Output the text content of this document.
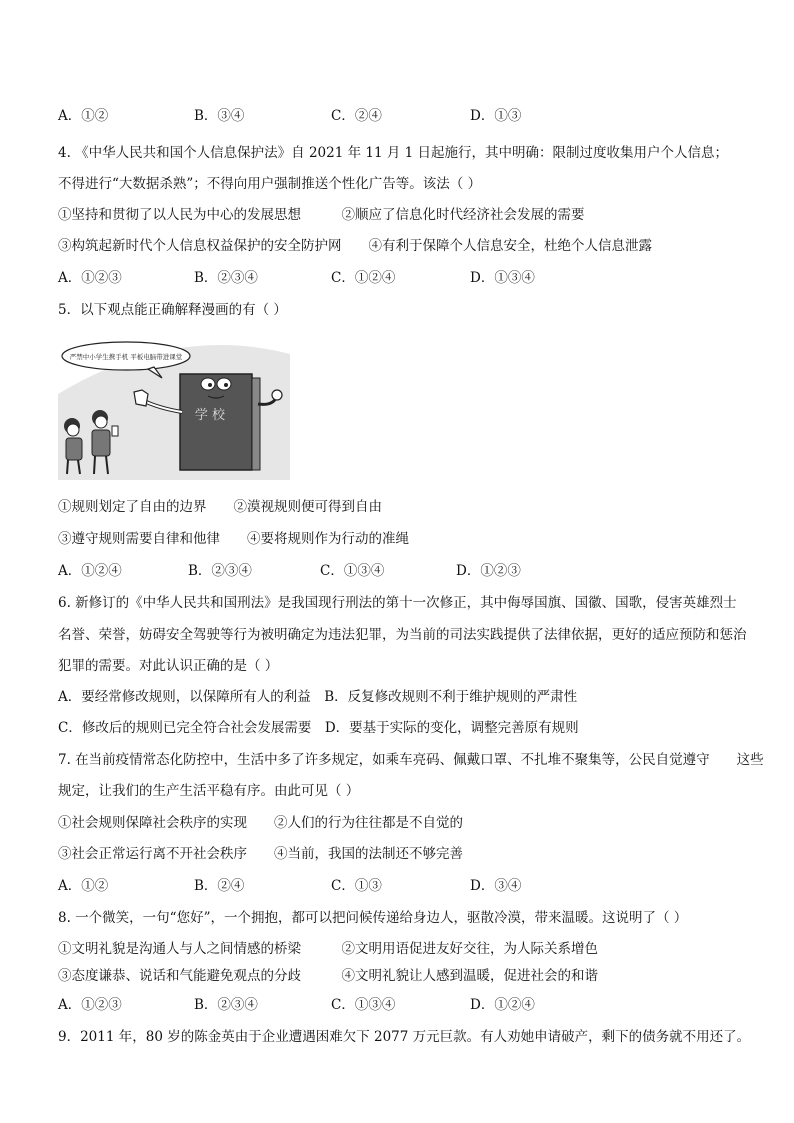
A．①②	B．③④	C．②④	D．①③
4. 《中华人民共和国个人信息保护法》自 2021 年 11 月 1 日起施行，其中明确：限制过度收集用户个人信息；
不得进行“大数据杀熟”；不得向用户强制推送个性化广告等。该法（ ）
①坚持和贯彻了以人民为中心的发展思想　　　②顺应了信息化时代经济社会发展的需要
③构筑起新时代个人信息权益保护的安全防护网　　④有利于保障个人信息安全，杜绝个人信息泄露
A．①②③	B．②③④	C．①②④	D．①③④
5．以下观点能正确解释漫画的有（ ）
严禁中小学生携手机 平板电脑带进课堂
学 校
①规则划定了自由的边界　　②漠视规则便可得到自由
③遵守规则需要自律和他律　　④要将规则作为行动的准绳
A．①②④	B．②③④	C．①③④	D．①②③
6. 新修订的《中华人民共和国刑法》是我国现行刑法的第十一次修正，其中侮辱国旗、国徽、国歌，侵害英雄烈士
名誉、荣誉，妨碍安全驾驶等行为被明确定为违法犯罪，为当前的司法实践提供了法律依据，更好的适应预防和惩治
犯罪的需要。对此认识正确的是（ ）
A．要经常修改规则，以保障所有人的利益　B．反复修改规则不利于维护规则的严肃性
C．修改后的规则已完全符合社会发展需要　D．要基于实际的变化，调整完善原有规则
7. 在当前疫情常态化防控中，生活中多了许多规定，如乘车亮码、佩戴口罩、不扎堆不聚集等，公民自觉遵守　　这些
规定，让我们的生产生活平稳有序。由此可见（ ）
①社会规则保障社会秩序的实现　　②人们的行为往往都是不自觉的
③社会正常运行离不开社会秩序　　④当前，我国的法制还不够完善
A．①②	B．②④	C．①③	D．③④
8. 一个微笑，一句“您好”，一个拥抱，都可以把问候传递给身边人，驱散冷漠，带来温暖。这说明了（ ）
①文明礼貌是沟通人与人之间情感的桥梁　　　②文明用语促进友好交往，为人际关系增色
③态度谦恭、说话和气能避免观点的分歧　　　④文明礼貌让人感到温暖，促进社会的和谐
A．①②③	B．②③④	C．①③④	D．①②④
9．2011 年，80 岁的陈金英由于企业遭遇困难欠下 2077 万元巨款。有人劝她申请破产，剩下的债务就不用还了。
